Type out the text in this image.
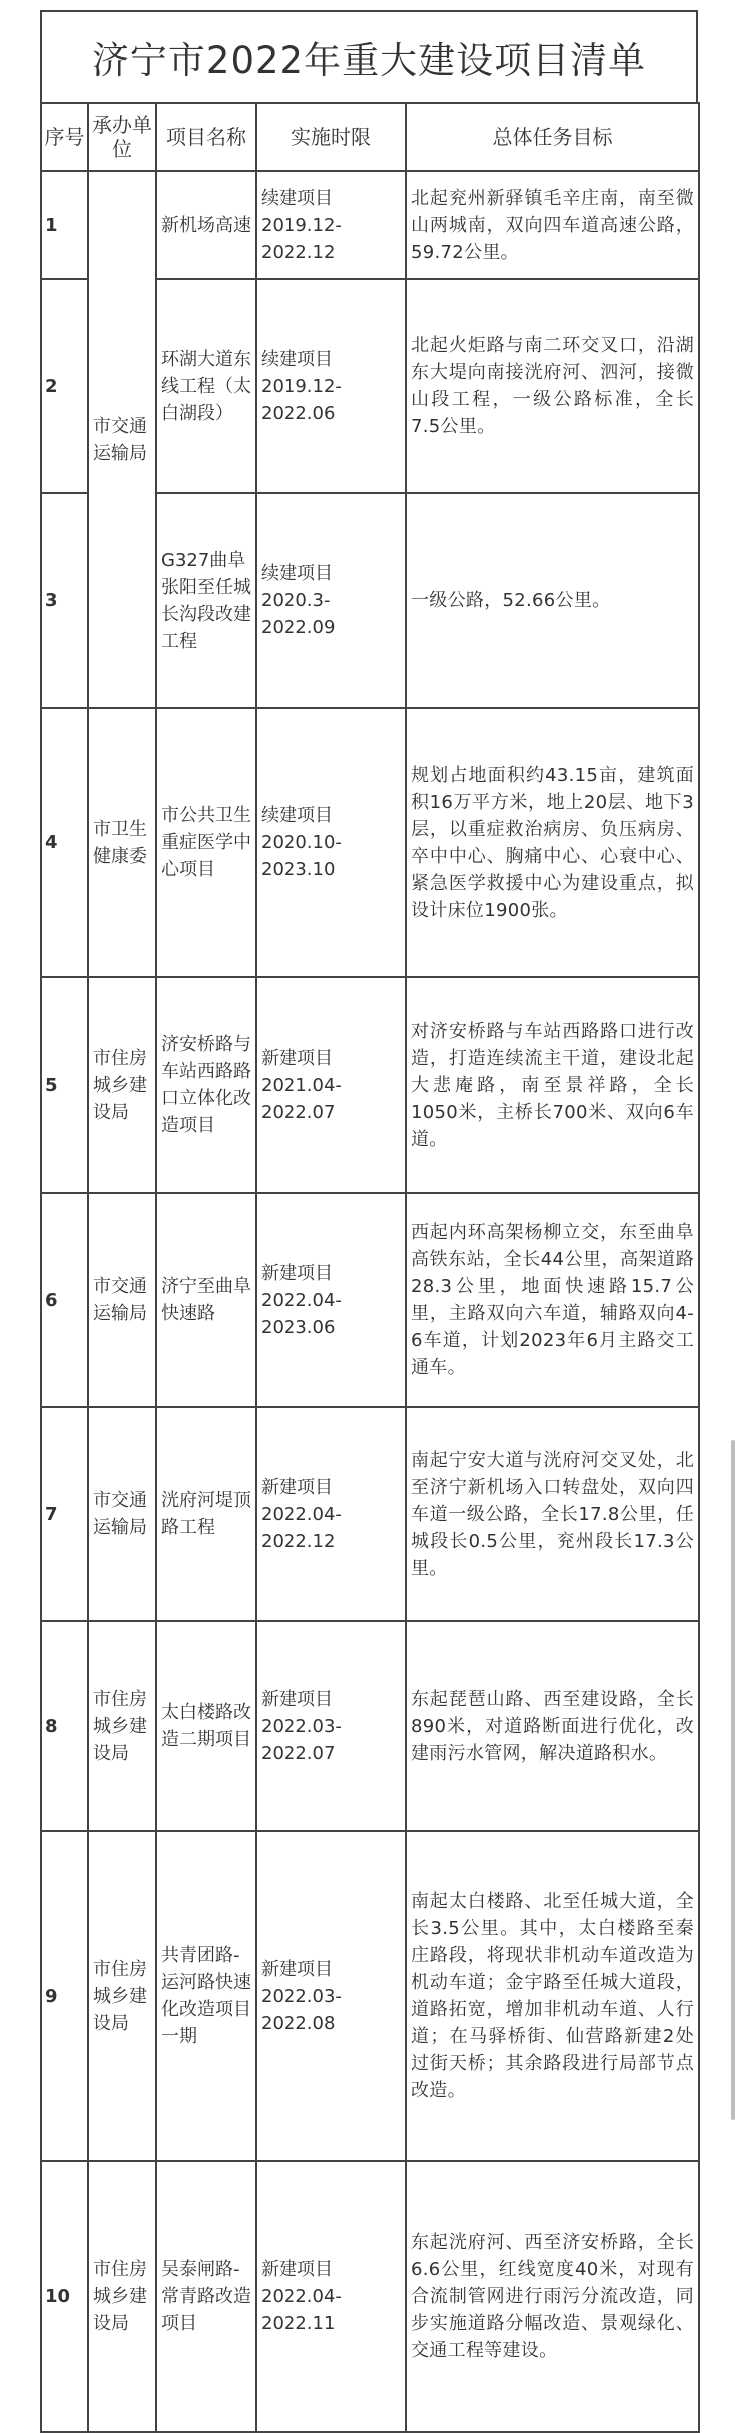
济宁市2022年重大建设项目清单
序号	承办单位	项目名称	实施时限	总体任务目标
1	市交通运输局	新机场高速	续建项目2019.12-2022.12	北起兖州新驿镇毛辛庄南，南至微山两城南，双向四车道高速公路，59.72公里。
2		环湖大道东线工程（太白湖段）	续建项目2019.12-2022.06	北起火炬路与南二环交叉口，沿湖东大堤向南接洸府河、泗河，接微山段工程，一级公路标准，全长7.5公里。
3		G327曲阜张阳至任城长沟段改建工程	续建项目2020.3-2022.09	一级公路，52.66公里。
4	市卫生健康委	市公共卫生重症医学中心项目	续建项目2020.10-2023.10	规划占地面积约43.15亩，建筑面积16万平方米，地上20层、地下3层，以重症救治病房、负压病房、卒中中心、胸痛中心、心衰中心、紧急医学救援中心为建设重点，拟设计床位1900张。
5	市住房城乡建设局	济安桥路与车站西路路口立体化改造项目	新建项目2021.04-2022.07	对济安桥路与车站西路路口进行改造，打造连续流主干道，建设北起大悲庵路，南至景祥路，全长1050米，主桥长700米、双向6车道。
6	市交通运输局	济宁至曲阜快速路	新建项目2022.04-2023.06	西起内环高架杨柳立交，东至曲阜高铁东站，全长44公里，高架道路28.3公里，地面快速路15.7公里，主路双向六车道，辅路双向4-6车道，计划2023年6月主路交工通车。
7	市交通运输局	洸府河堤顶路工程	新建项目2022.04-2022.12	南起宁安大道与洸府河交叉处，北至济宁新机场入口转盘处，双向四车道一级公路，全长17.8公里，任城段长0.5公里，兖州段长17.3公里。
8	市住房城乡建设局	太白楼路改造二期项目	新建项目2022.03-2022.07	东起琵琶山路、西至建设路，全长890米，对道路断面进行优化，改建雨污水管网，解决道路积水。
9	市住房城乡建设局	共青团路-运河路快速化改造项目一期	新建项目2022.03-2022.08	南起太白楼路、北至任城大道，全长3.5公里。其中，太白楼路至秦庄路段，将现状非机动车道改造为机动车道；金宇路至任城大道段，道路拓宽，增加非机动车道、人行道；在马驿桥街、仙营路新建2处过街天桥；其余路段进行局部节点改造。
10	市住房城乡建设局	吴泰闸路-常青路改造项目	新建项目2022.04-2022.11	东起洸府河、西至济安桥路，全长6.6公里，红线宽度40米，对现有合流制管网进行雨污分流改造，同步实施道路分幅改造、景观绿化、交通工程等建设。
